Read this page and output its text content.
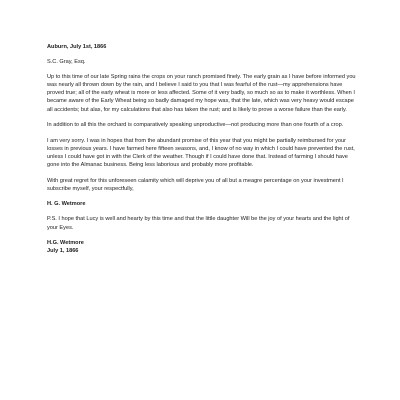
Auburn, July 1st, 1866

S.C. Gray, Esq.

Up to this time of our late Spring rains the crops on your ranch promised finely. The early grain as I have before informed you was nearly all thrown down by the rain, and I believe I said to you that I was fearful of the rust—my apprehensions have proved true; all of the early wheat is more or less affected. Some of it very badly, so much so as to make it worthless. When I became aware of the Early Wheat being so badly damaged my hope was, that the late, which was very heavy would escape all accidents; but alas, for my calculations that also has taken the rust; and is likely to prove a worse failure than the early.

In addition to all this the orchard is comparatively speaking unproductive—not producing more than one fourth of a crop.

I am very sorry. I was in hopes that from the abundant promise of this year that you might be partially reimbursed for your losses in previous years. I have farmed here fifteen seasons, and, I know of no way in which I could have prevented the rust, unless I could have got in with the Clerk of the weather. Though if I could have done that. Instead of farming I should have gone into the Almanac business. Being less laborious and probably more profitable.

With great regret for this unforeseen calamity which will deprive you of all but a meagre percentage on your investment I subscribe myself, your respectfully,

H. G. Wetmore

P.S. I hope that Lucy is well and hearty by this time and that the little daughter Will be the joy of your hearts and the light of your Eyes.

H.G. Wetmore

July 1, 1866
